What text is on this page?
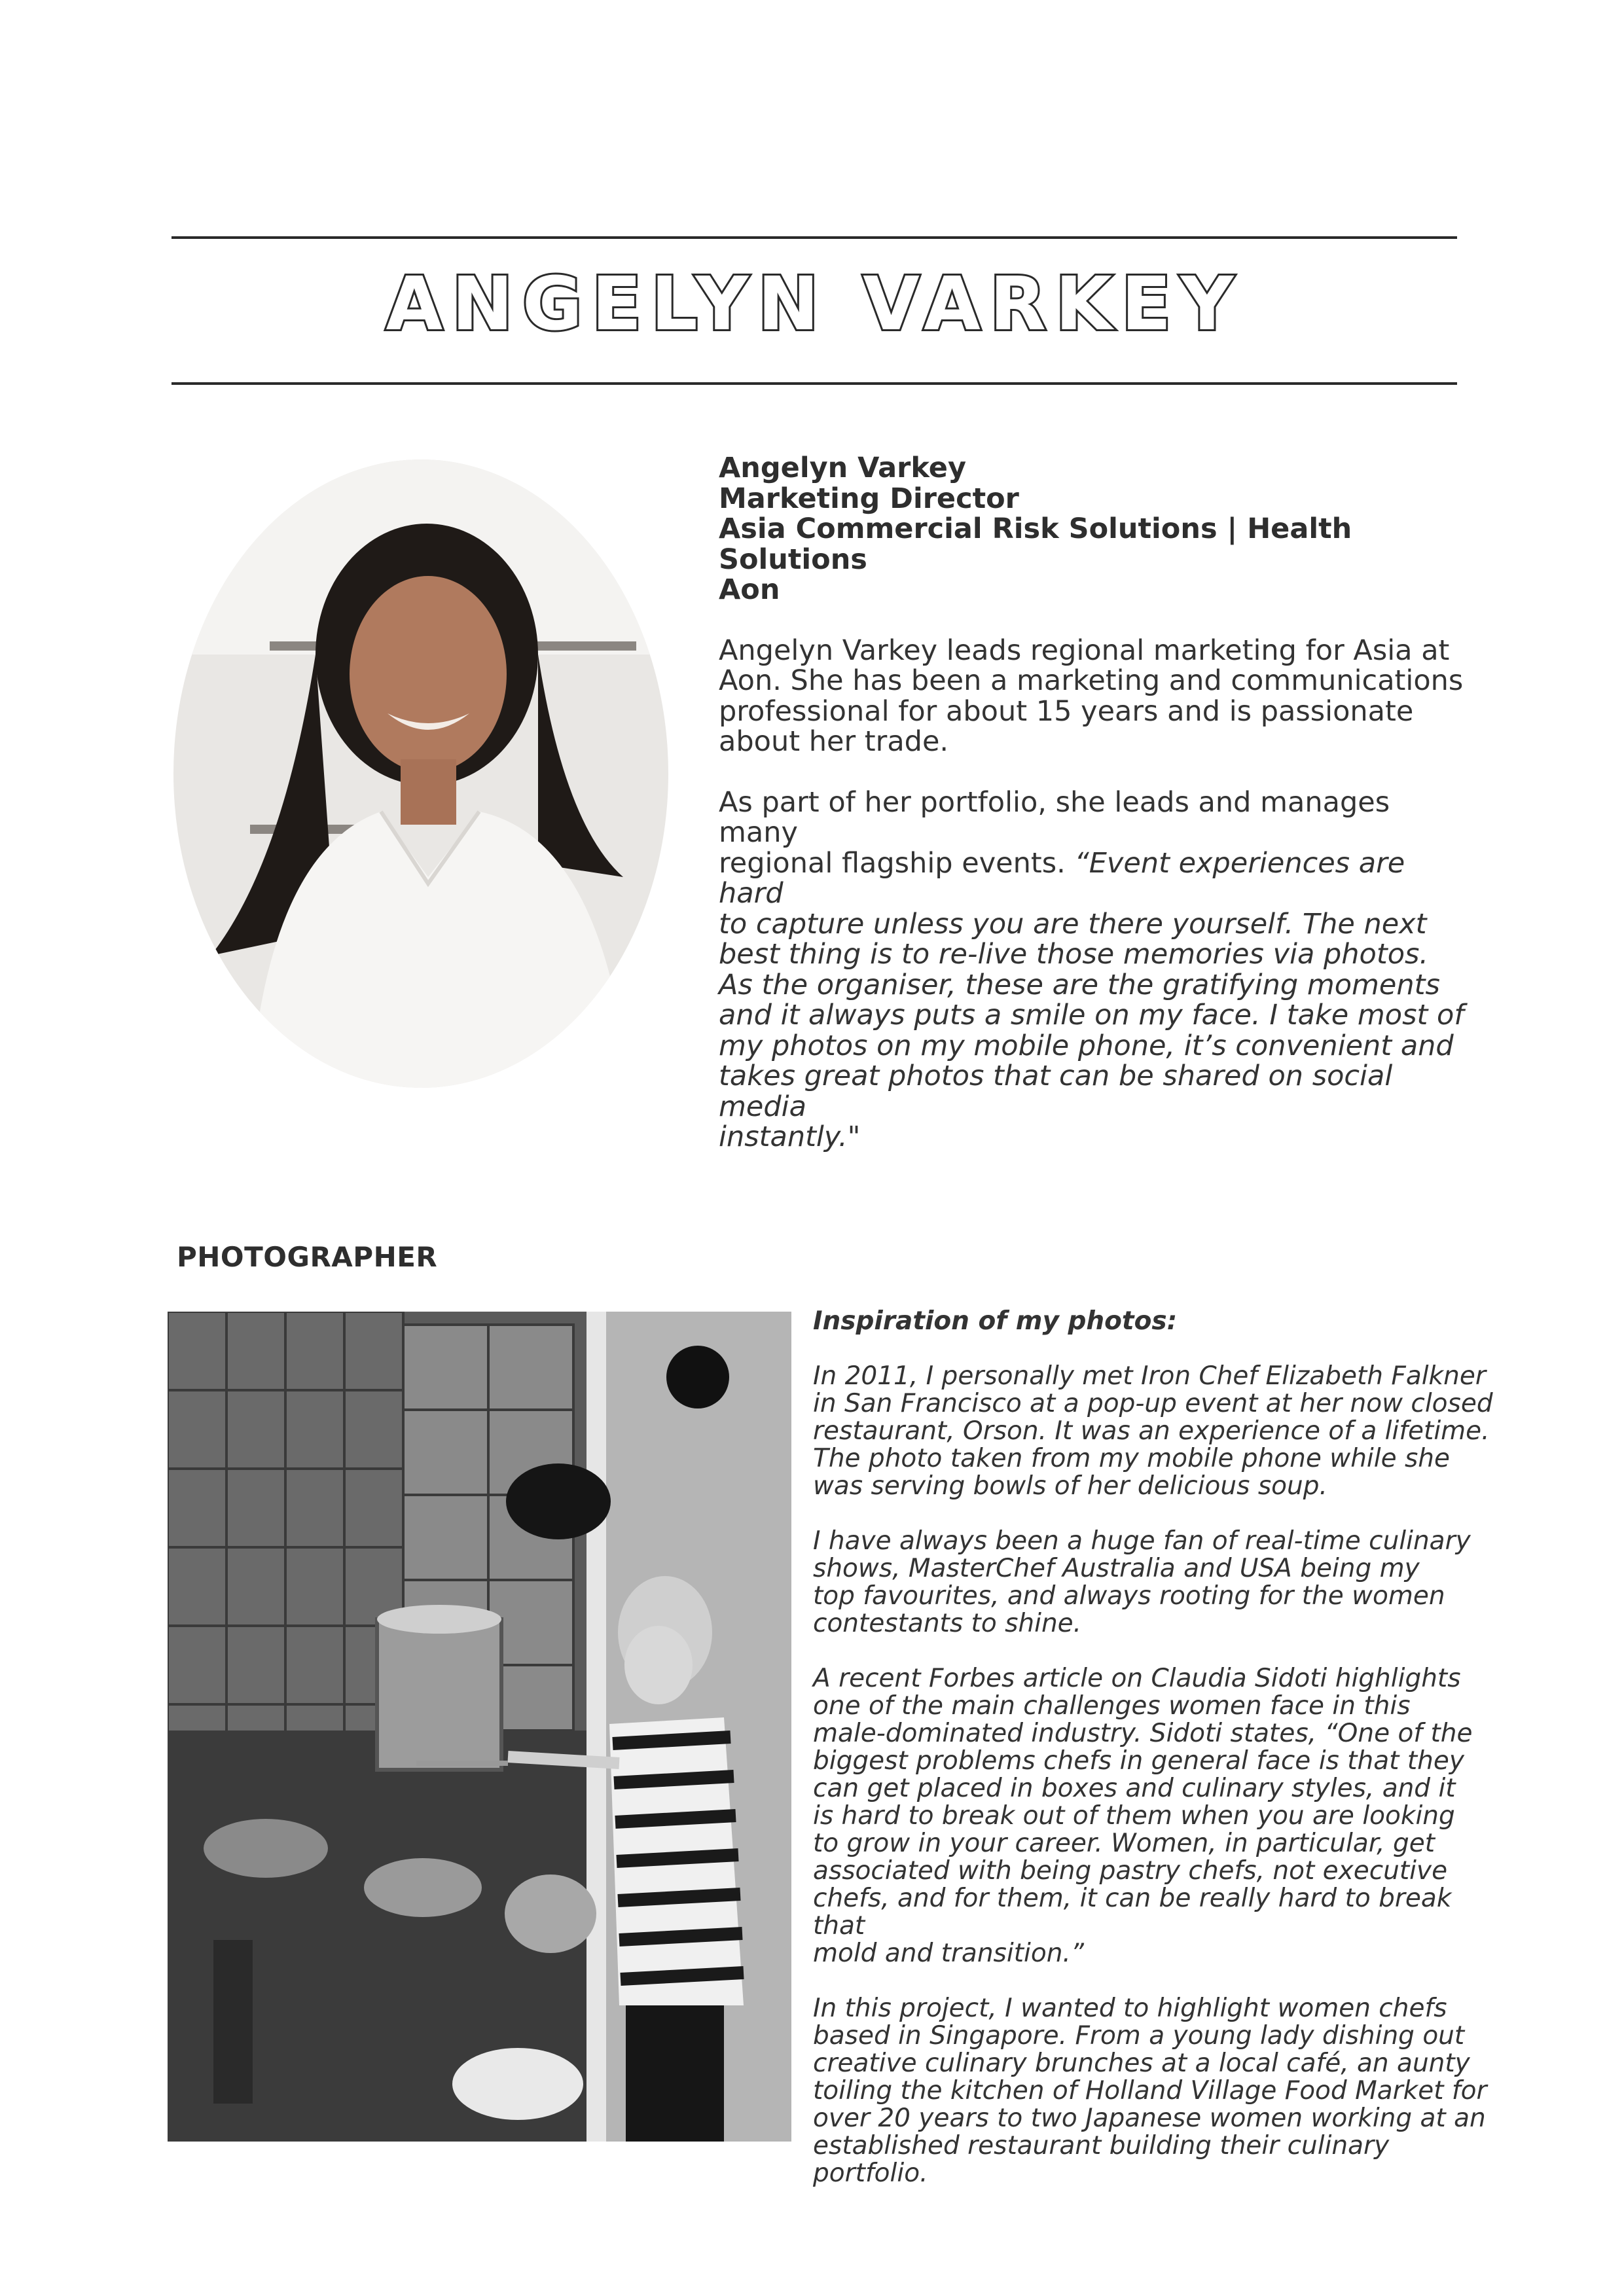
ANGELYN VARKEY

Angelyn Varkey

Marketing Director

Asia Commercial Risk Solutions | Health Solutions

Aon

Angelyn Varkey leads regional marketing for Asia at

Aon. She has been a marketing and communications

professional for about 15 years and is passionate

about her trade.

As part of her portfolio, she leads and manages many

regional flagship events. “Event experiences are hard

to capture unless you are there yourself. The next

best thing is to re-live those memories via photos.

As the organiser, these are the gratifying moments

and it always puts a smile on my face. I take most of

my photos on my mobile phone, it’s convenient and

takes great photos that can be shared on social media

instantly."

PHOTOGRAPHER

Inspiration of my photos:

In 2011, I personally met Iron Chef Elizabeth Falkner

in San Francisco at a pop-up event at her now closed

restaurant, Orson. It was an experience of a lifetime.

The photo taken from my mobile phone while she

was serving bowls of her delicious soup.

I have always been a huge fan of real-time culinary

shows, MasterChef Australia and USA being my

top favourites, and always rooting for the women

contestants to shine.

A recent Forbes article on Claudia Sidoti highlights

one of the main challenges women face in this

male-dominated industry. Sidoti states, “One of the

biggest problems chefs in general face is that they

can get placed in boxes and culinary styles, and it

is hard to break out of them when you are looking

to grow in your career. Women, in particular, get

associated with being pastry chefs, not executive

chefs, and for them, it can be really hard to break that

mold and transition.”

In this project, I wanted to highlight women chefs

based in Singapore. From a young lady dishing out

creative culinary brunches at a local café, an aunty

toiling the kitchen of Holland Village Food Market for

over 20 years to two Japanese women working at an

established restaurant building their culinary portfolio.
